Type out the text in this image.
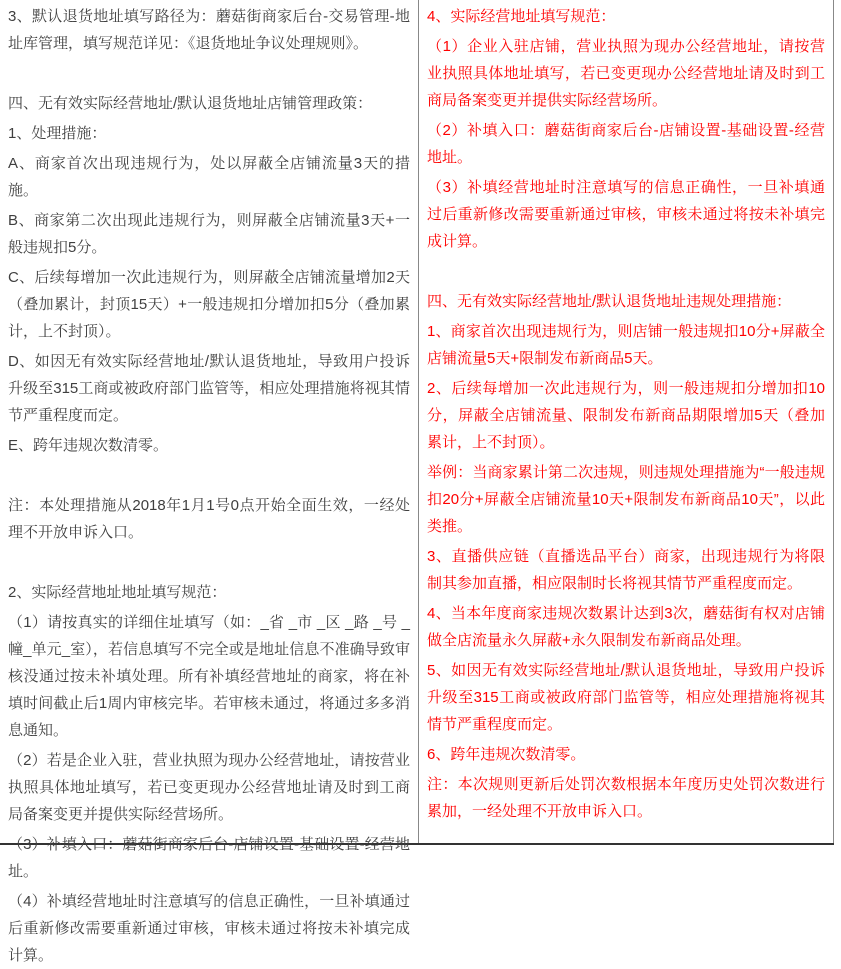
3、默认退货地址填写路径为：蘑菇街商家后台-交易管理-地址库管理，填写规范详见：《退货地址争议处理规则》。

四、无有效实际经营地址/默认退货地址店铺管理政策：

1、处理措施：

A、商家首次出现违规行为，处以屏蔽全店铺流量3天的措施。

B、商家第二次出现此违规行为，则屏蔽全店铺流量3天+一般违规扣5分。

C、后续每增加一次此违规行为，则屏蔽全店铺流量增加2天（叠加累计，封顶15天）+一般违规扣分增加扣5分（叠加累计，上不封顶）。

D、如因无有效实际经营地址/默认退货地址，导致用户投诉升级至315工商或被政府部门监管等，相应处理措施将视其情节严重程度而定。

E、跨年违规次数清零。

注：本处理措施从2018年1月1号0点开始全面生效，一经处理不开放申诉入口。

2、实际经营地址地址填写规范：

（1）请按真实的详细住址填写（如：_省 _市 _区 _路 _号 _幢_单元_室），若信息填写不完全或是地址信息不准确导致审核没通过按未补填处理。所有补填经营地址的商家，将在补填时间截止后1周内审核完毕。若审核未通过，将通过多多消息通知。

（2）若是企业入驻，营业执照为现办公经营地址，请按营业执照具体地址填写，若已变更现办公经营地址请及时到工商局备案变更并提供实际经营场所。

（3）补填入口：蘑菇街商家后台-店铺设置-基础设置-经营地址。

（4）补填经营地址时注意填写的信息正确性，一旦补填通过后重新修改需要重新通过审核，审核未通过将按未补填完成计算。

4、实际经营地址填写规范：

（1）企业入驻店铺，营业执照为现办公经营地址，请按营业执照具体地址填写，若已变更现办公经营地址请及时到工商局备案变更并提供实际经营场所。

（2）补填入口：蘑菇街商家后台-店铺设置-基础设置-经营地址。

（3）补填经营地址时注意填写的信息正确性，一旦补填通过后重新修改需要重新通过审核，审核未通过将按未补填完成计算。

四、无有效实际经营地址/默认退货地址违规处理措施：

1、商家首次出现违规行为，则店铺一般违规扣10分+屏蔽全店铺流量5天+限制发布新商品5天。

2、后续每增加一次此违规行为，则一般违规扣分增加扣10分，屏蔽全店铺流量、限制发布新商品期限增加5天（叠加累计，上不封顶）。

举例：当商家累计第二次违规，则违规处理措施为“一般违规扣20分+屏蔽全店铺流量10天+限制发布新商品10天”，以此类推。

3、直播供应链（直播选品平台）商家，出现违规行为将限制其参加直播，相应限制时长将视其情节严重程度而定。

4、当本年度商家违规次数累计达到3次，蘑菇街有权对店铺做全店流量永久屏蔽+永久限制发布新商品处理。

5、如因无有效实际经营地址/默认退货地址，导致用户投诉升级至315工商或被政府部门监管等，相应处理措施将视其情节严重程度而定。

6、跨年违规次数清零。

注：本次规则更新后处罚次数根据本年度历史处罚次数进行累加，一经处理不开放申诉入口。
